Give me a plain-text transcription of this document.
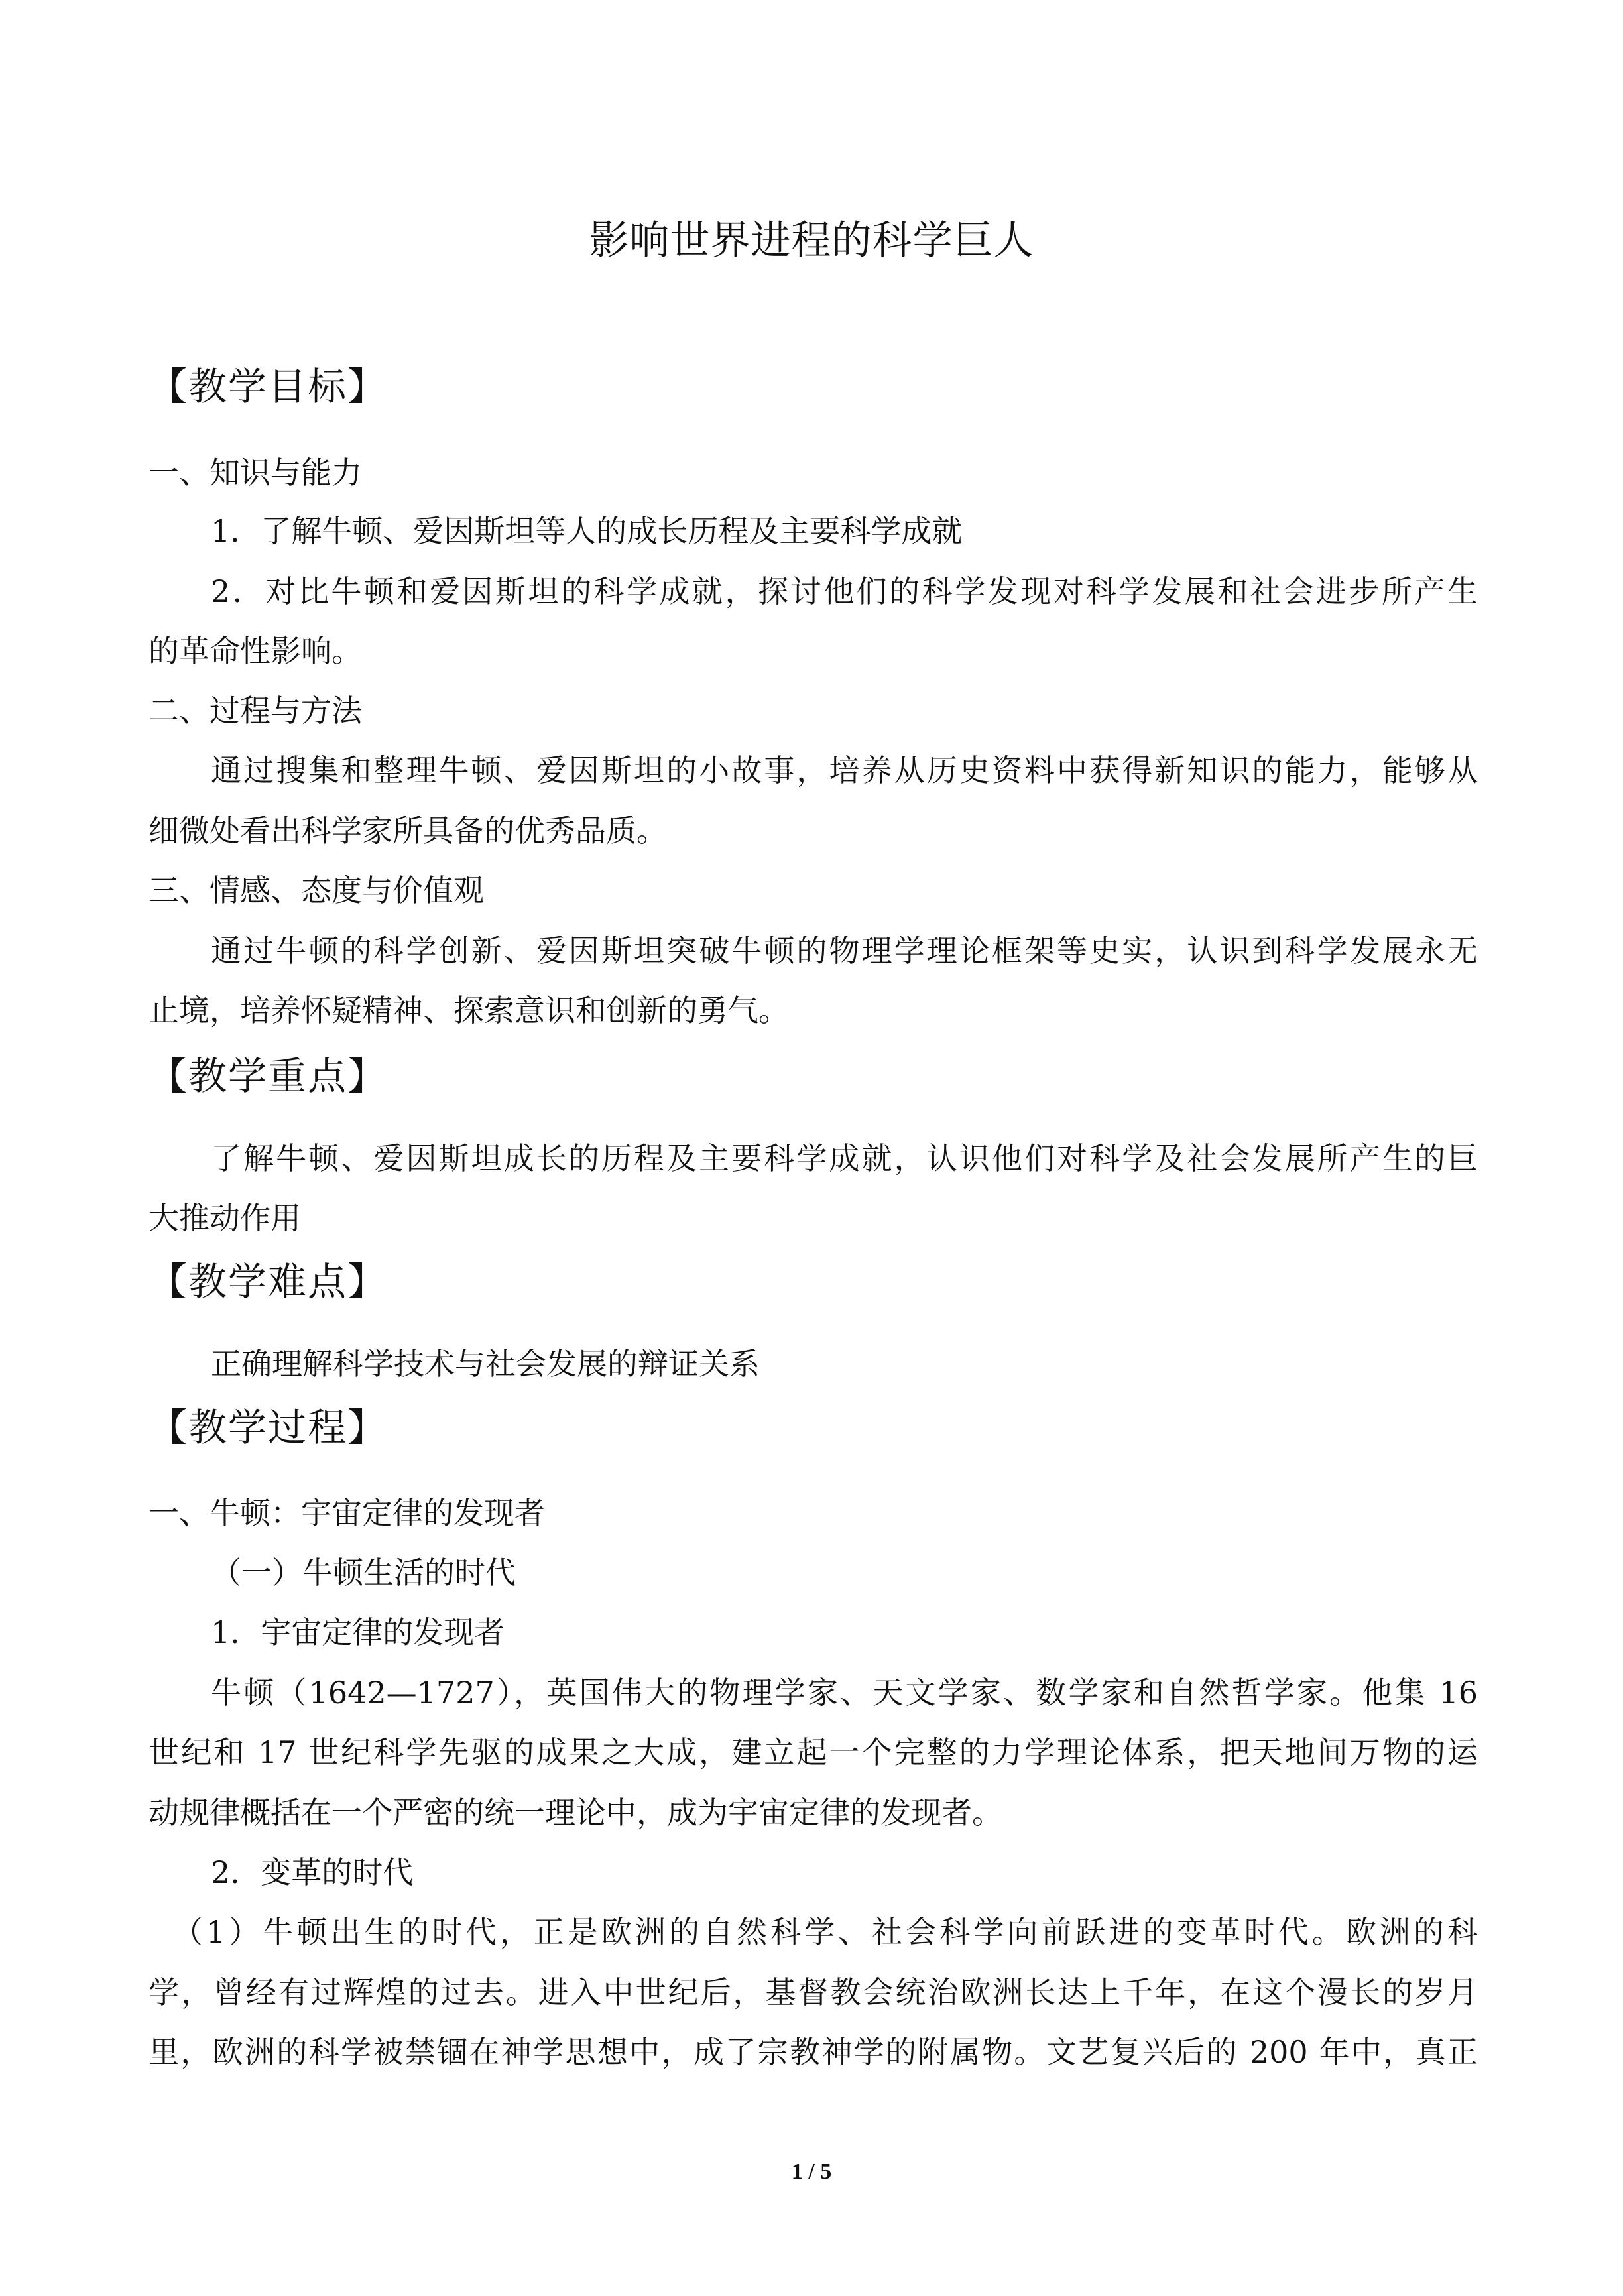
影响世界进程的科学巨人
【教学目标】
一、知识与能力
1．了解牛顿、爱因斯坦等人的成长历程及主要科学成就
2．对比牛顿和爱因斯坦的科学成就，探讨他们的科学发现对科学发展和社会进步所产生
的革命性影响。
二、过程与方法
通过搜集和整理牛顿、爱因斯坦的小故事，培养从历史资料中获得新知识的能力，能够从
细微处看出科学家所具备的优秀品质。
三、情感、态度与价值观
通过牛顿的科学创新、爱因斯坦突破牛顿的物理学理论框架等史实，认识到科学发展永无
止境，培养怀疑精神、探索意识和创新的勇气。
【教学重点】
了解牛顿、爱因斯坦成长的历程及主要科学成就，认识他们对科学及社会发展所产生的巨
大推动作用
【教学难点】
正确理解科学技术与社会发展的辩证关系
【教学过程】
一、牛顿：宇宙定律的发现者
（一）牛顿生活的时代
1．宇宙定律的发现者
牛顿（1642—1727），英国伟大的物理学家、天文学家、数学家和自然哲学家。他集 16
世纪和 17 世纪科学先驱的成果之大成，建立起一个完整的力学理论体系，把天地间万物的运
动规律概括在一个严密的统一理论中，成为宇宙定律的发现者。
2．变革的时代
（1）牛顿出生的时代，正是欧洲的自然科学、社会科学向前跃进的变革时代。欧洲的科
学，曾经有过辉煌的过去。进入中世纪后，基督教会统治欧洲长达上千年，在这个漫长的岁月
里，欧洲的科学被禁锢在神学思想中，成了宗教神学的附属物。文艺复兴后的 200 年中，真正
1 / 5
